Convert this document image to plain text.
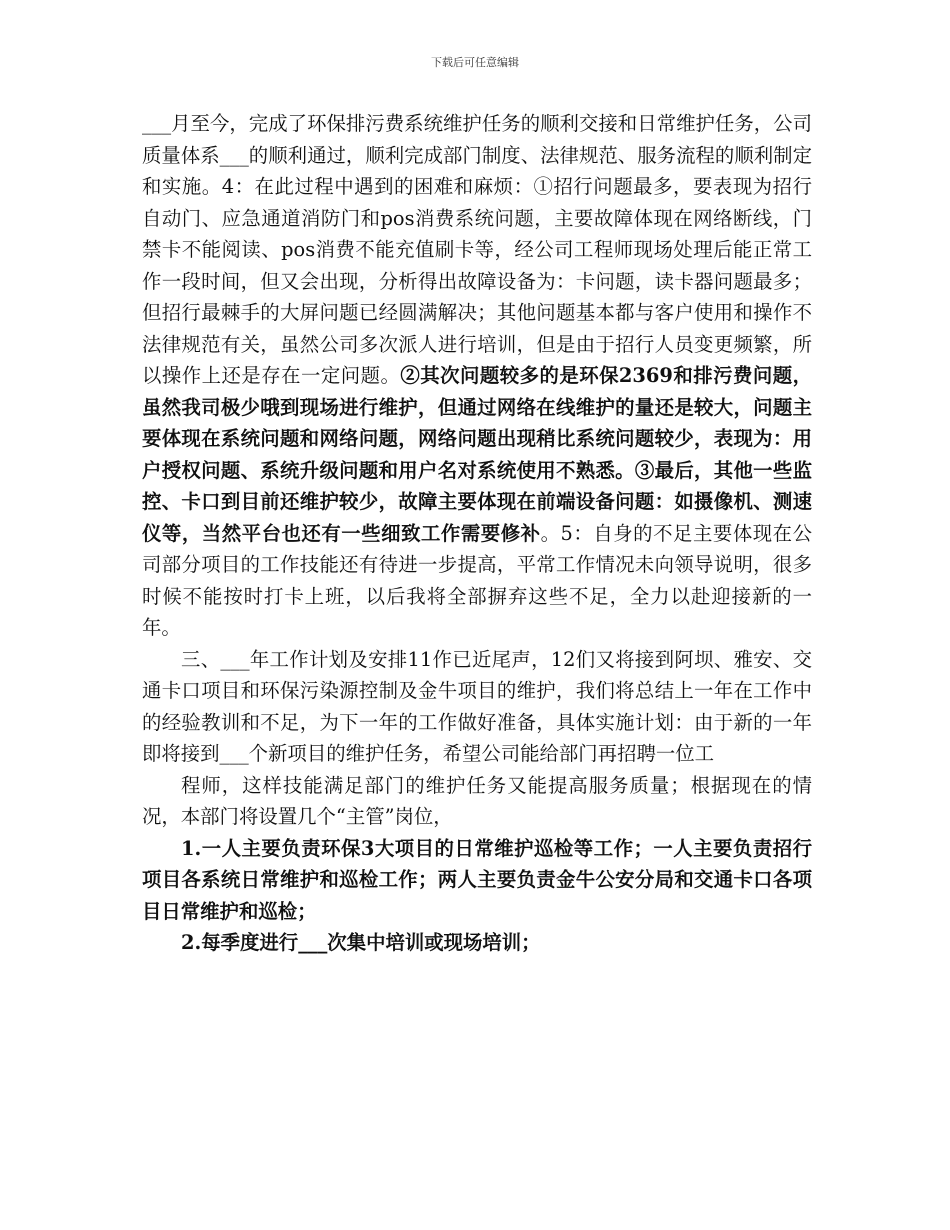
下载后可任意编辑

___月至今，完成了环保排污费系统维护任务的顺利交接和日常维护任务，公司质量体系___的顺利通过，顺利完成部门制度、法律规范、服务流程的顺利制定和实施。4：在此过程中遇到的困难和麻烦：①招行问题最多，要表现为招行自动门、应急通道消防门和pos消费系统问题，主要故障体现在网络断线，门禁卡不能阅读、pos消费不能充值刷卡等，经公司工程师现场处理后能正常工作一段时间，但又会出现，分析得出故障设备为：卡问题，读卡器问题最多；但招行最棘手的大屏问题已经圆满解决；其他问题基本都与客户使用和操作不法律规范有关，虽然公司多次派人进行培训，但是由于招行人员变更频繁，所以操作上还是存在一定问题。②其次问题较多的是环保2369和排污费问题，虽然我司极少哦到现场进行维护，但通过网络在线维护的量还是较大，问题主要体现在系统问题和网络问题，网络问题出现稍比系统问题较少，表现为：用户授权问题、系统升级问题和用户名对系统使用不熟悉。③最后，其他一些监控、卡口到目前还维护较少，故障主要体现在前端设备问题：如摄像机、测速仪等，当然平台也还有一些细致工作需要修补。5：自身的不足主要体现在公司部分项目的工作技能还有待进一步提高，平常工作情况未向领导说明，很多时候不能按时打卡上班，以后我将全部摒弃这些不足，全力以赴迎接新的一年。

三、___年工作计划及安排11作已近尾声，12们又将接到阿坝、雅安、交通卡口项目和环保污染源控制及金牛项目的维护，我们将总结上一年在工作中的经验教训和不足，为下一年的工作做好准备，具体实施计划：由于新的一年即将接到___个新项目的维护任务，希望公司能给部门再招聘一位工

程师，这样技能满足部门的维护任务又能提高服务质量；根据现在的情况，本部门将设置几个“主管”岗位，

1.一人主要负责环保3大项目的日常维护巡检等工作；一人主要负责招行项目各系统日常维护和巡检工作；两人主要负责金牛公安分局和交通卡口各项目日常维护和巡检；

2.每季度进行___次集中培训或现场培训；
